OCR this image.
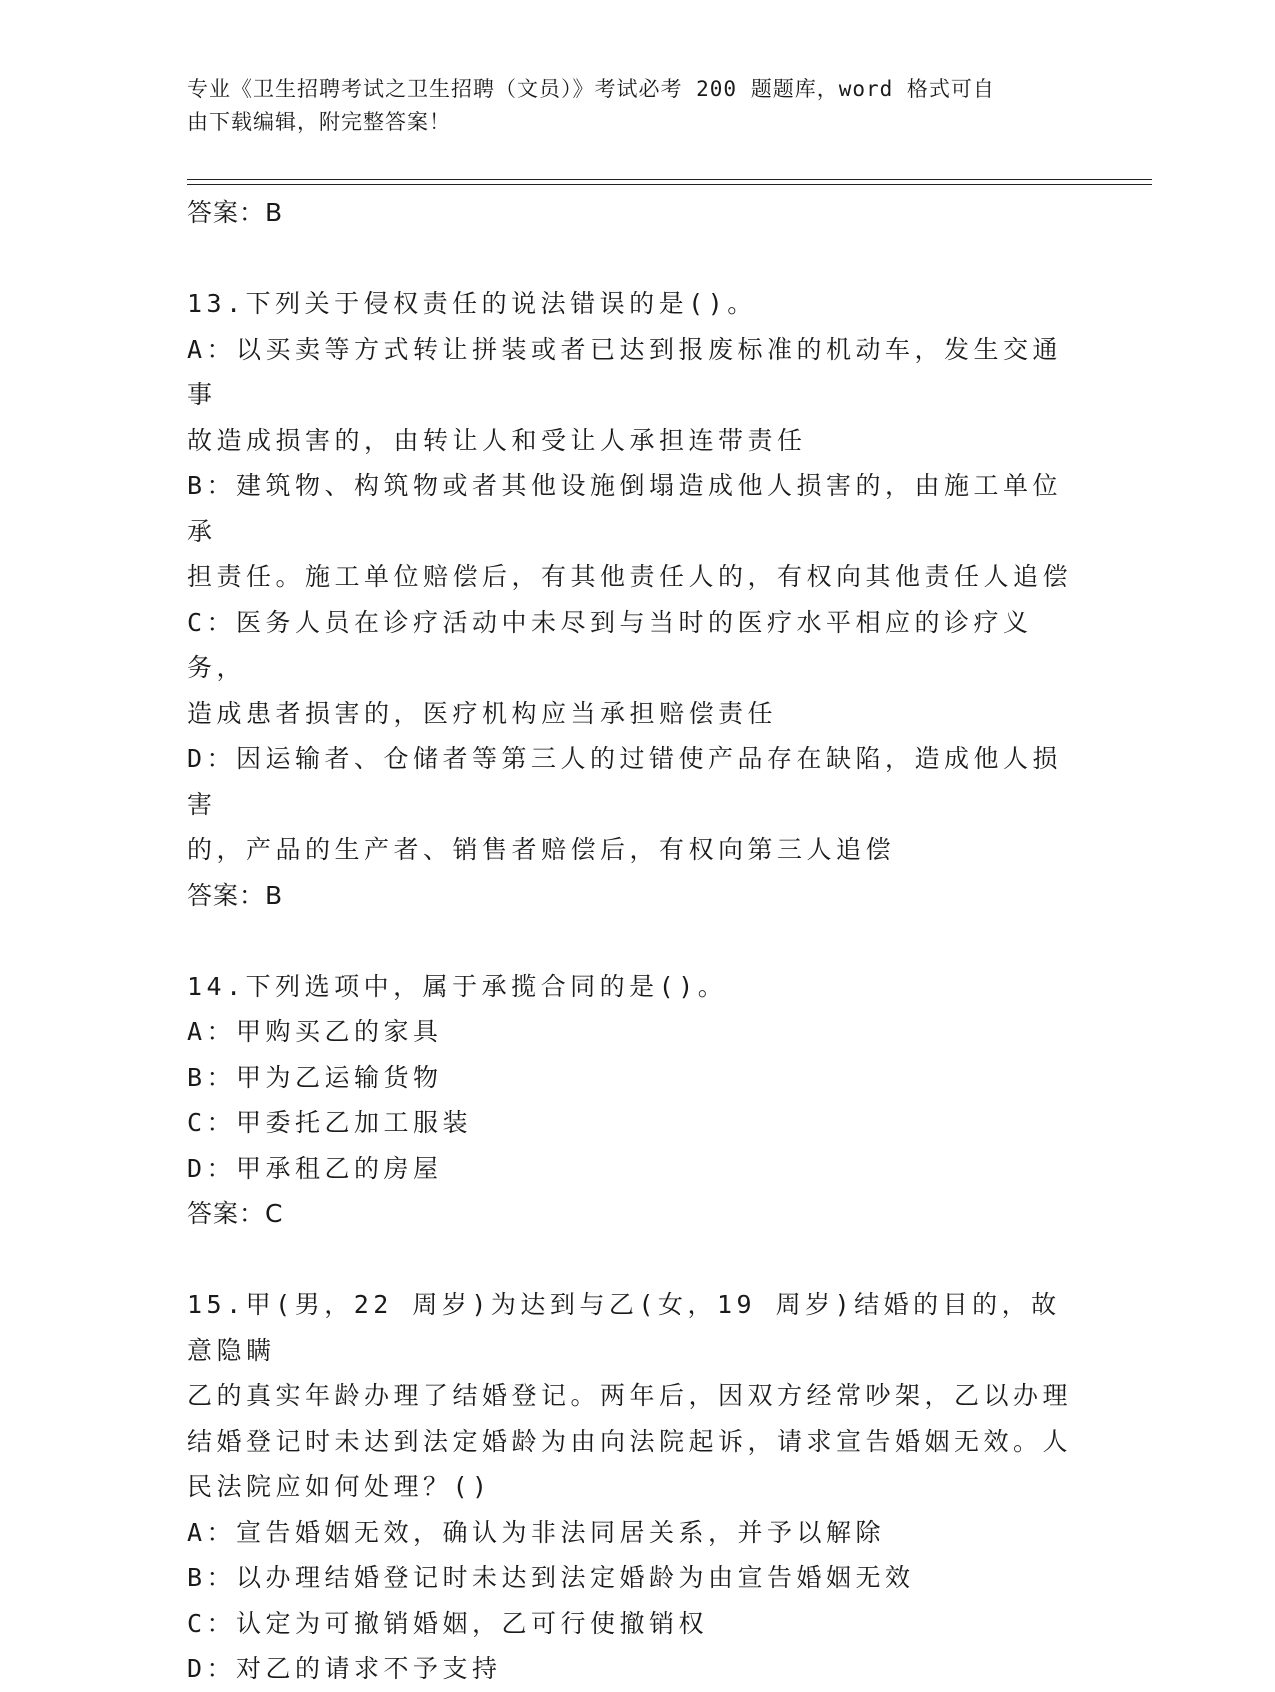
专业《卫生招聘考试之卫生招聘（文员）》考试必考 200 题题库，word 格式可自
由下载编辑，附完整答案！
答案：B
13.下列关于侵权责任的说法错误的是()。
A：以买卖等方式转让拼装或者已达到报废标准的机动车，发生交通事
故造成损害的，由转让人和受让人承担连带责任
B：建筑物、构筑物或者其他设施倒塌造成他人损害的，由施工单位承
担责任。施工单位赔偿后，有其他责任人的，有权向其他责任人追偿
C：医务人员在诊疗活动中未尽到与当时的医疗水平相应的诊疗义务，
造成患者损害的，医疗机构应当承担赔偿责任
D：因运输者、仓储者等第三人的过错使产品存在缺陷，造成他人损害
的，产品的生产者、销售者赔偿后，有权向第三人追偿
答案：B
14.下列选项中，属于承揽合同的是()。
A：甲购买乙的家具
B：甲为乙运输货物
C：甲委托乙加工服装
D：甲承租乙的房屋
答案：C
15.甲(男，22 周岁)为达到与乙(女，19 周岁)结婚的目的，故意隐瞒
乙的真实年龄办理了结婚登记。两年后，因双方经常吵架，乙以办理
结婚登记时未达到法定婚龄为由向法院起诉，请求宣告婚姻无效。人
民法院应如何处理？()
A：宣告婚姻无效，确认为非法同居关系，并予以解除
B：以办理结婚登记时未达到法定婚龄为由宣告婚姻无效
C：认定为可撤销婚姻，乙可行使撤销权
D：对乙的请求不予支持
